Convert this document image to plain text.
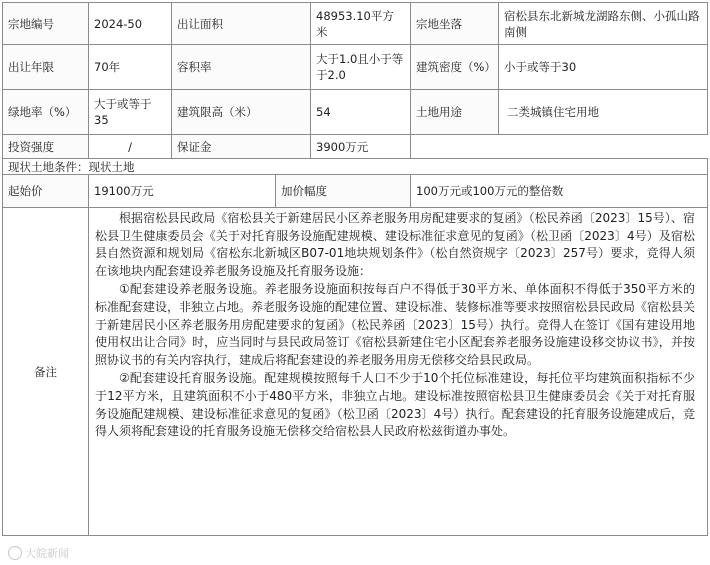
宗地编号	2024-50	出让面积		48953.10平方米	宗地坐落	宿松县东北新城龙湖路东侧、小孤山路南侧
出让年限	70年	容积率		大于1.0且小于等于2.0	建筑密度（%）	小于或等于30
绿地率（%）	大于或等于35	建筑限高（米）		54	土地用途	二类城镇住宅用地
投资强度	/	保证金		3900万元		
现状土地条件：现状土地						
起始价	19100万元		加价幅度		100万元或100万元的整倍数	
备注	根据宿松县民政局《宿松县关于新建居民小区养老服务用房配建要求的复函》（松民养函〔2023〕15号）、宿松县卫生健康委员会《关于对托育服务设施配建规模、建设标准征求意见的复函》（松卫函〔2023〕4号）及宿松县自然资源和规划局《宿松东北新城区B07-01地块规划条件》（松自然资规字〔2023〕257号）要求，竞得人须在该地块内配套建设养老服务设施及托育服务设施：

①配套建设养老服务设施。养老服务设施面积按每百户不得低于30平方米、单体面积不得低于350平方米的标准配套建设，非独立占地。养老服务设施的配建位置、建设标准、装修标准等要求按照宿松县民政局《宿松县关于新建居民小区养老服务用房配建要求的复函》（松民养函〔2023〕15号）执行。竞得人在签订《国有建设用地使用权出让合同》时，应当同时与县民政局签订《宿松县新建住宅小区配套养老服务设施建设移交协议书》，并按照协议书的有关内容执行，建成后将配套建设的养老服务用房无偿移交给县民政局。

②配套建设托育服务设施。配建规模按照每千人口不少于10个托位标准建设，每托位平均建筑面积指标不少于12平方米，且建筑面积不小于480平方米，非独立占地。建设标准按照宿松县卫生健康委员会《关于对托育服务设施配建规模、建设标准征求意见的复函》（松卫函〔2023〕4号）执行。配套建设的托育服务设施建成后，竞得人须将配套建设的托育服务设施无偿移交给宿松县人民政府松兹街道办事处。					

大皖新闻
